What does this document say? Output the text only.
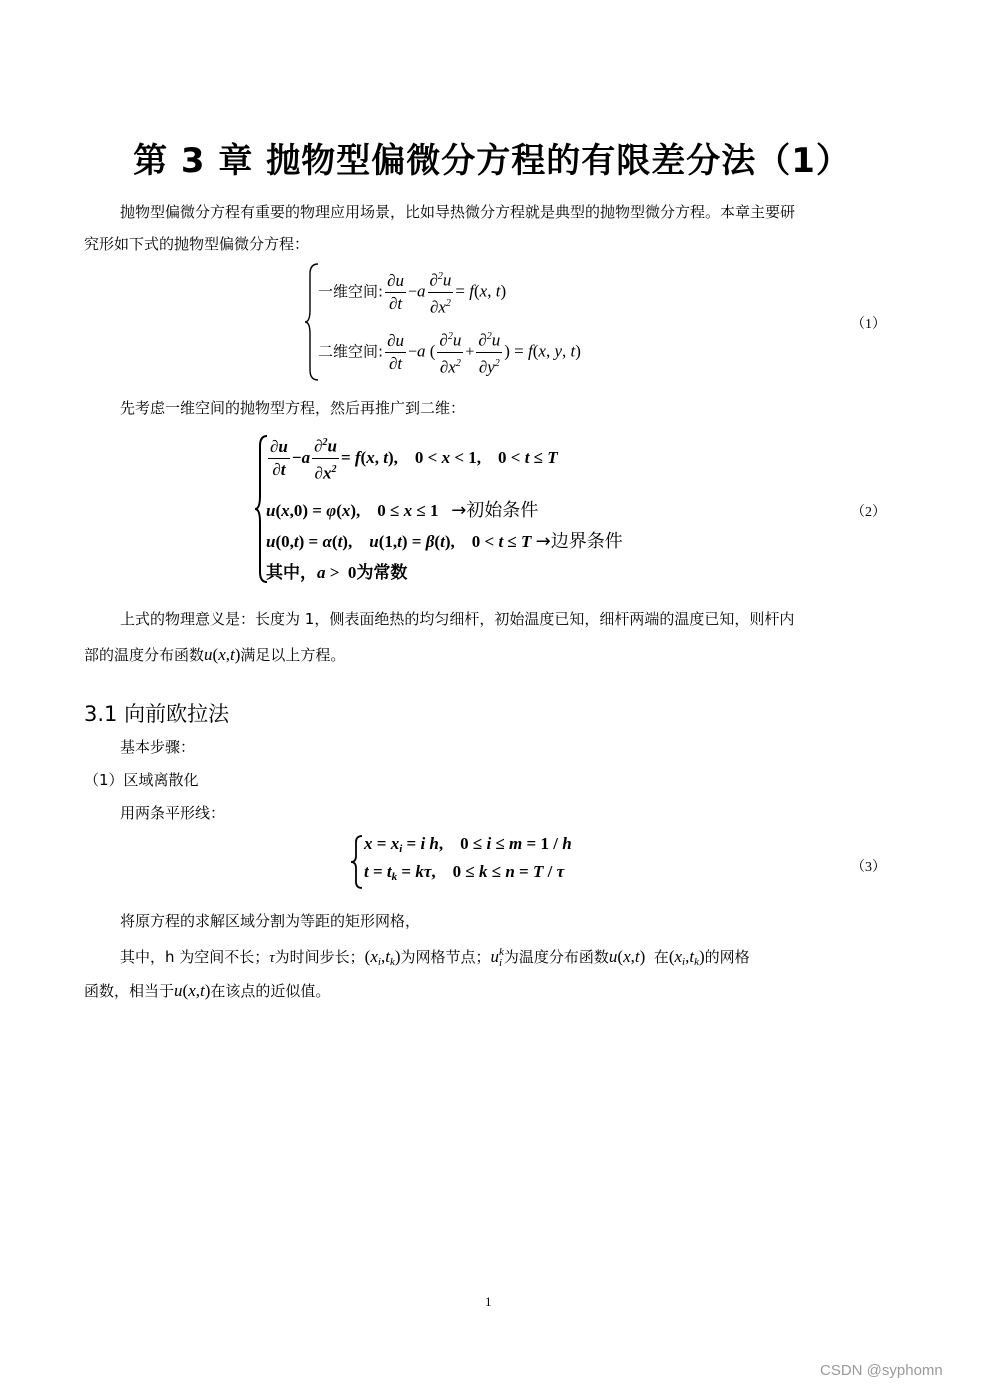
第 3 章 抛物型偏微分方程的有限差分法（1）
抛物型偏微分方程有重要的物理应用场景，比如导热微分方程就是典型的抛物型微分方程。本章主要研
究形如下式的抛物型偏微分方程：
一维空间: $\frac{\partial u}{\partial t} -a \frac{\partial^2u}{\partial x^2} = f(x$, t)
二维空间: $\frac{\partial u}{\partial t} -a$ ( $\frac{\partial^2u}{\partial x^2} + \frac{\partial^2u}{\partial y^2}$ ) = f(x, y, t)
（1）
先考虑一维空间的抛物型方程，然后再推广到二维：
$\frac{\partial u}{\partial t} -a \frac{\partial^2u}{\partial x^2} = f(x$, t),    0 < x < 1,    0 < t ≤ T
u(x,0) = φ(x),    0 ≤ x ≤ 1   →初始条件
u(0,t) = α(t),    u(1,t) = β(t),    0 < t ≤ T →边界条件
其中，a >  0为常数
（2）
上式的物理意义是：长度为 1，侧表面绝热的均匀细杆，初始温度已知，细杆两端的温度已知，则杆内
部的温度分布函数u(x,t)满足以上方程。
3.1 向前欧拉法
基本步骤：
（1）区域离散化
用两条平形线：
$x = x_i = i$ h,    0 ≤ i ≤ m = 1 / h
$t = t_k = k\tau$,    0 ≤ k ≤ n = T / τ	（3）
将原方程的求解区域分割为等距的矩形网格，
其中，h 为空间不长；τ为时间步长；$(x_i,t_k)$为网格节点；u k
i 为温度分布函数u(x,t)  在$(x_i,t_k)$的网格
函数，相当于u(x,t)在该点的近似值。
1
CSDN @syphomn
